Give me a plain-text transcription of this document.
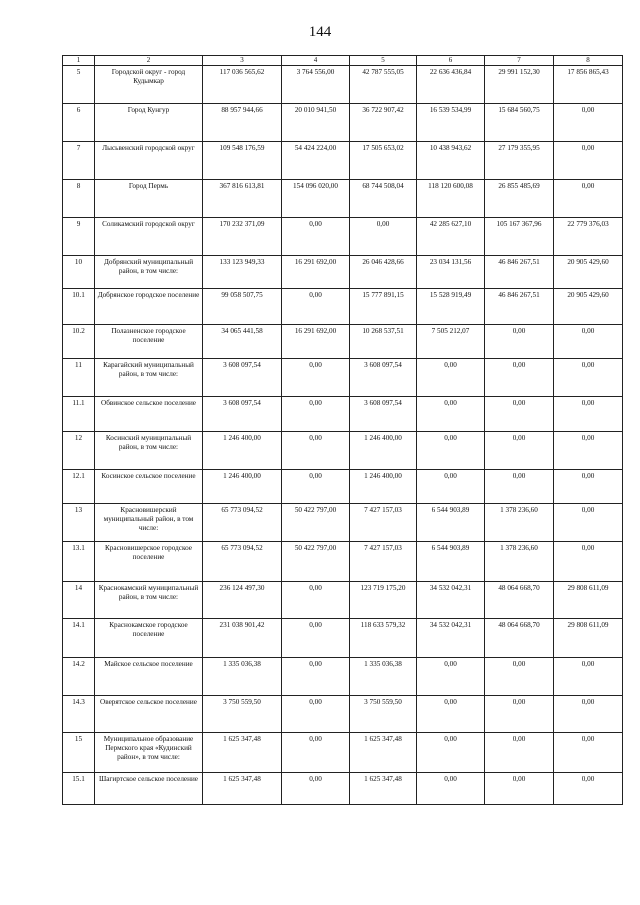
144
1	2	3	4	5	6	7	8
5	Городской округ - город Кудымкар	117 036 565,62	3 764 556,00	42 787 555,05	22 636 436,84	29 991 152,30	17 856 865,43
6	Город Кунгур	88 957 944,66	20 010 941,50	36 722 907,42	16 539 534,99	15 684 560,75	0,00
7	Лысьвенский городской округ	109 548 176,59	54 424 224,00	17 505 653,02	10 438 943,62	27 179 355,95	0,00
8	Город Пермь	367 816 613,81	154 096 020,00	68 744 508,04	118 120 600,08	26 855 485,69	0,00
9	Соликамский городской округ	170 232 371,09	0,00	0,00	42 285 627,10	105 167 367,96	22 779 376,03
10	Добрянский муниципальный район, в том числе:	133 123 949,33	16 291 692,00	26 046 428,66	23 034 131,56	46 846 267,51	20 905 429,60
10.1	Добрянское городское поселение	99 058 507,75	0,00	15 777 891,15	15 528 919,49	46 846 267,51	20 905 429,60
10.2	Полазненское городское поселение	34 065 441,58	16 291 692,00	10 268 537,51	7 505 212,07	0,00	0,00
11	Карагайский муниципальный район, в том числе:	3 608 097,54	0,00	3 608 097,54	0,00	0,00	0,00
11.1	Обвинское сельское поселение	3 608 097,54	0,00	3 608 097,54	0,00	0,00	0,00
12	Косинский муниципальный район, в том числе:	1 246 400,00	0,00	1 246 400,00	0,00	0,00	0,00
12.1	Косинское сельское поселение	1 246 400,00	0,00	1 246 400,00	0,00	0,00	0,00
13	Красновишерский муниципальный район, в том числе:	65 773 094,52	50 422 797,00	7 427 157,03	6 544 903,89	1 378 236,60	0,00
13.1	Красновишерское городское поселение	65 773 094,52	50 422 797,00	7 427 157,03	6 544 903,89	1 378 236,60	0,00
14	Краснокамский муниципальный район, в том числе:	236 124 497,30	0,00	123 719 175,20	34 532 042,31	48 064 668,70	29 808 611,09
14.1	Краснокамское городское поселение	231 038 901,42	0,00	118 633 579,32	34 532 042,31	48 064 668,70	29 808 611,09
14.2	Майское сельское поселение	1 335 036,38	0,00	1 335 036,38	0,00	0,00	0,00
14.3	Оверятское сельское поселение	3 750 559,50	0,00	3 750 559,50	0,00	0,00	0,00
15	Муниципальное образование Пермского края «Кудинский район», в том числе:	1 625 347,48	0,00	1 625 347,48	0,00	0,00	0,00
15.1	Шагиртское сельское поселение	1 625 347,48	0,00	1 625 347,48	0,00	0,00	0,00
